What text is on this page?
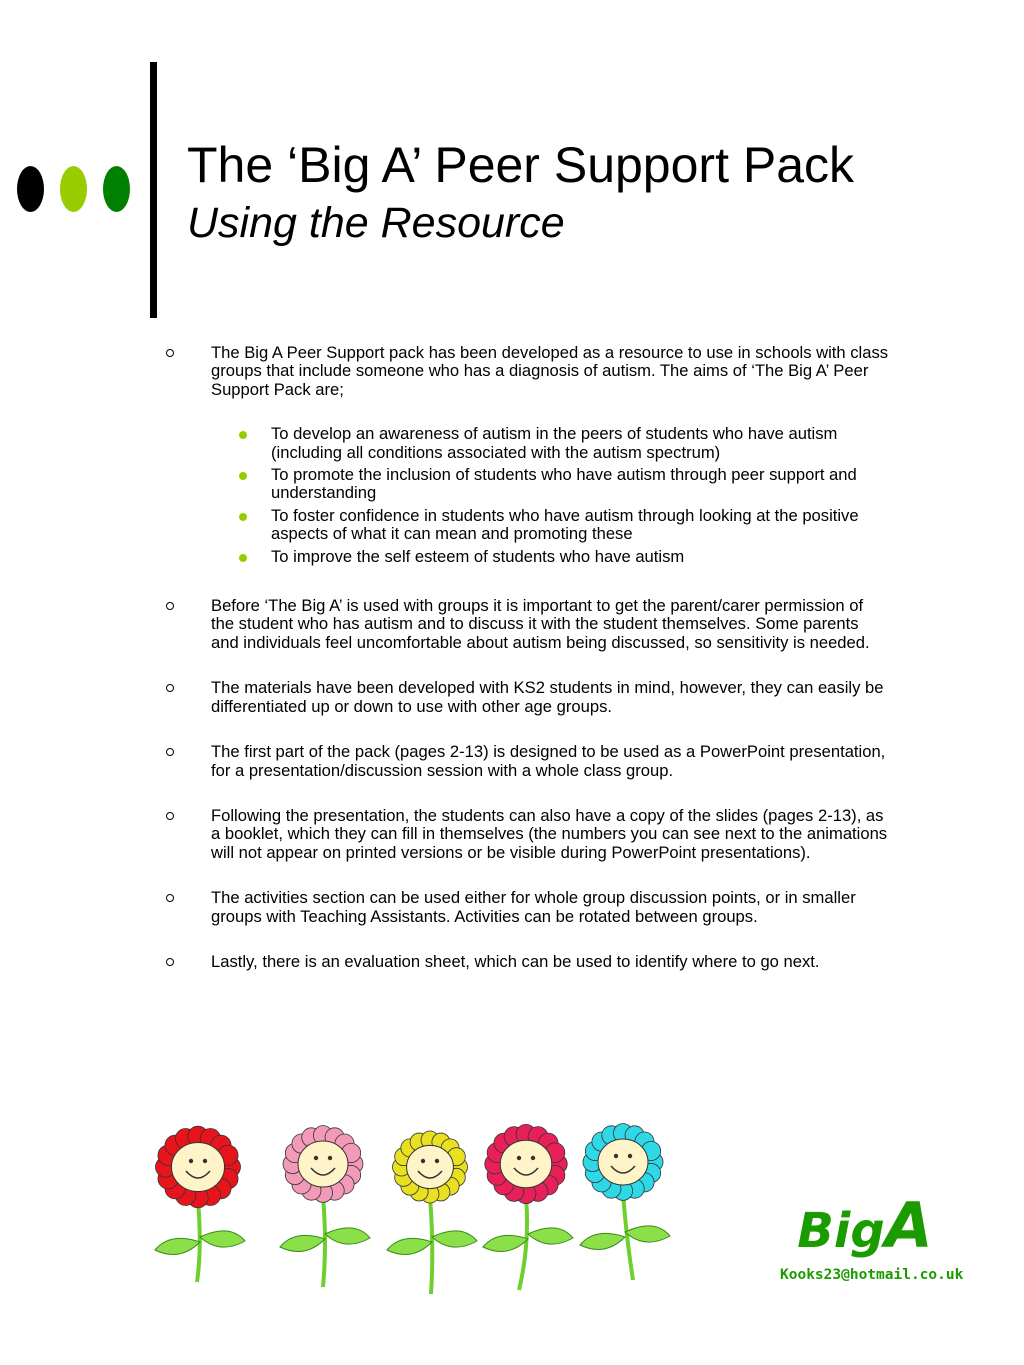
The ‘Big A’ Peer Support Pack
Using the Resource
The Big A Peer Support pack has been developed as a resource to use in schools with class groups that include someone who has a diagnosis of autism. The aims of ‘The Big A’ Peer Support Pack are;
To develop an awareness of autism in the peers of students who have autism (including all conditions associated with the autism spectrum)
To promote the inclusion of students who have autism through peer support and understanding
To foster confidence in students who have autism through looking at the positive aspects of what it can mean and promoting these
To improve the self esteem of students who have autism
Before ‘The Big A’ is used with groups it is important to get the parent/carer permission of the student who has autism and to discuss it with the student themselves. Some parents and individuals feel uncomfortable about autism being discussed, so sensitivity is needed.
The materials have been developed with KS2 students in mind, however, they can easily be differentiated up or down to use with other age groups.
The first part of the pack (pages 2-13) is designed to be used as a PowerPoint presentation, for a presentation/discussion session with a whole class group.
Following the presentation, the students can also have a copy of the slides (pages 2-13), as a booklet, which they can fill in themselves (the numbers you can see next to the animations will not appear on printed versions or be visible during PowerPoint presentations).
The activities section can be used either for whole group discussion points, or in smaller groups with Teaching Assistants. Activities can be rotated between groups.
Lastly, there is an evaluation sheet, which can be used to identify where to go next.
BigA
Kooks23@hotmail.co.uk
